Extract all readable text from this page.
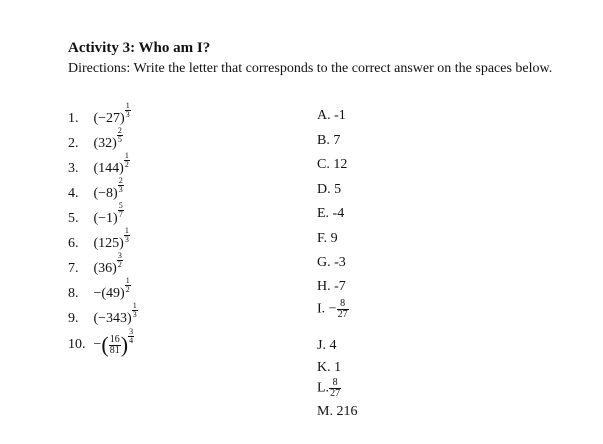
Activity 3: Who am I?
Directions: Write the letter that corresponds to the correct answer on the spaces below.
1. (−27) $^{\frac{1}{3}}$
2. (32) $^{\frac{2}{5}}$
3. (144) $^{\frac{1}{2}}$
4. (−8) $^{\frac{2}{3}}$
5. (−1) $^{\frac{5}{7}}$
6. (125) $^{\frac{1}{3}}$
7. (36) $^{\frac{3}{2}}$
8. −(49) $^{\frac{1}{2}}$
9. (−343) $^{\frac{1}{3}}$
10. −( $\frac{16}{81}$ ) $^{\frac{3}{4}}$
A. -1
B. 7
C. 12
D. 5
E. -4
F. 9
G. -3
H. -7
I. − $\frac{8}{27}$
J. 4
K. 1
L. $\frac{8}{27}$
M. 216
